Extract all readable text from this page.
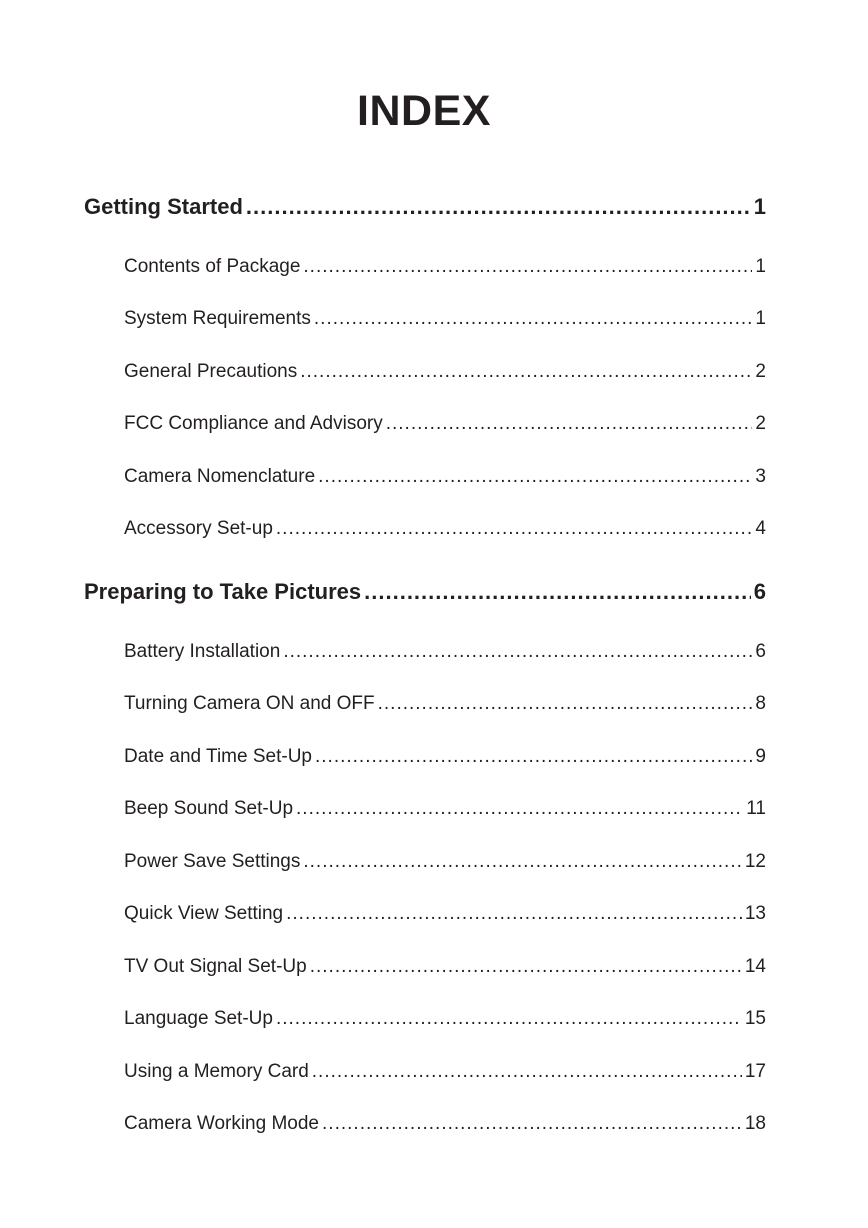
INDEX
Getting Started .....	1
Contents of Package .....	1
System Requirements .....	1
General Precautions .....	2
FCC Compliance and Advisory .....	2
Camera Nomenclature .....	3
Accessory Set-up .....	4
Preparing to Take Pictures .....	6
Battery Installation .....	6
Turning Camera ON and OFF .....	8
Date and Time Set-Up .....	9
Beep Sound Set-Up .....	11
Power Save Settings .....	12
Quick View Setting .....	13
TV Out Signal Set-Up .....	14
Language Set-Up .....	15
Using a Memory Card .....	17
Camera Working Mode .....	18
